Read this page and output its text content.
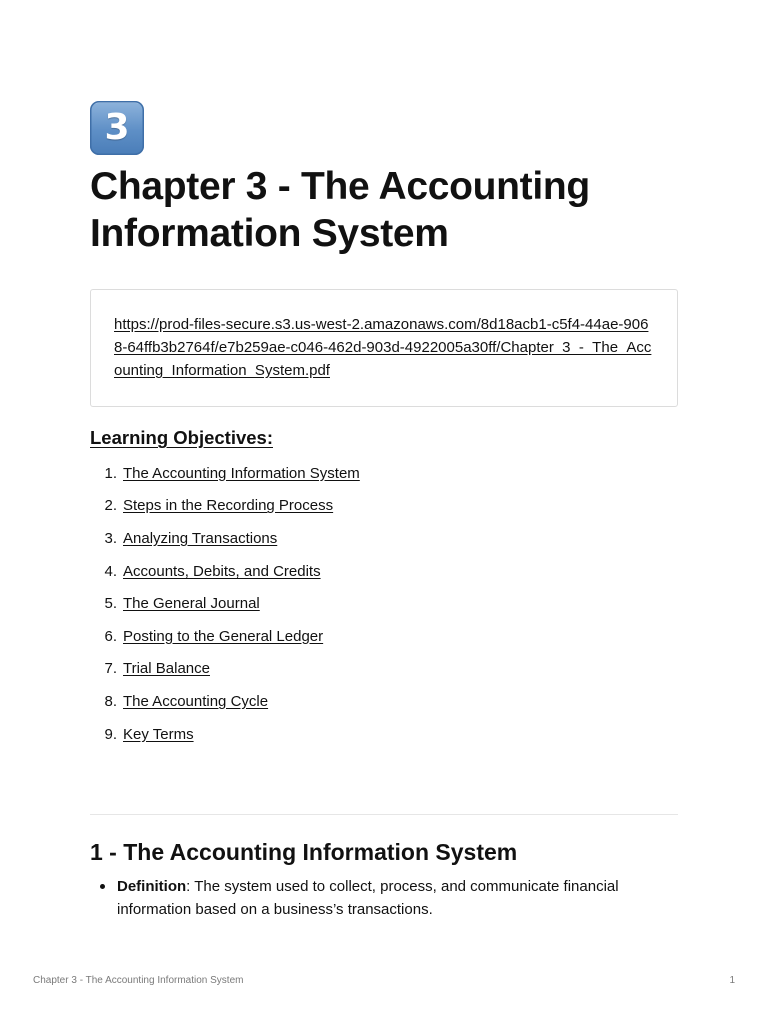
3
Chapter 3 - The Accounting Information System
https://prod-files-secure.s3.us-west-2.amazonaws.com/8d18acb1-c5f4-44ae-9068-64ffb3b2764f/e7b259ae-c046-462d-903d-4922005a30ff/Chapter_3_-_The_Accounting_Information_System.pdf
Learning Objectives:
1. The Accounting Information System
2. Steps in the Recording Process
3. Analyzing Transactions
4. Accounts, Debits, and Credits
5. The General Journal
6. Posting to the General Ledger
7. Trial Balance
8. The Accounting Cycle
9. Key Terms
1 - The Accounting Information System
Definition: The system used to collect, process, and communicate financial information based on a business’s transactions.
Chapter 3 - The Accounting Information System	1
